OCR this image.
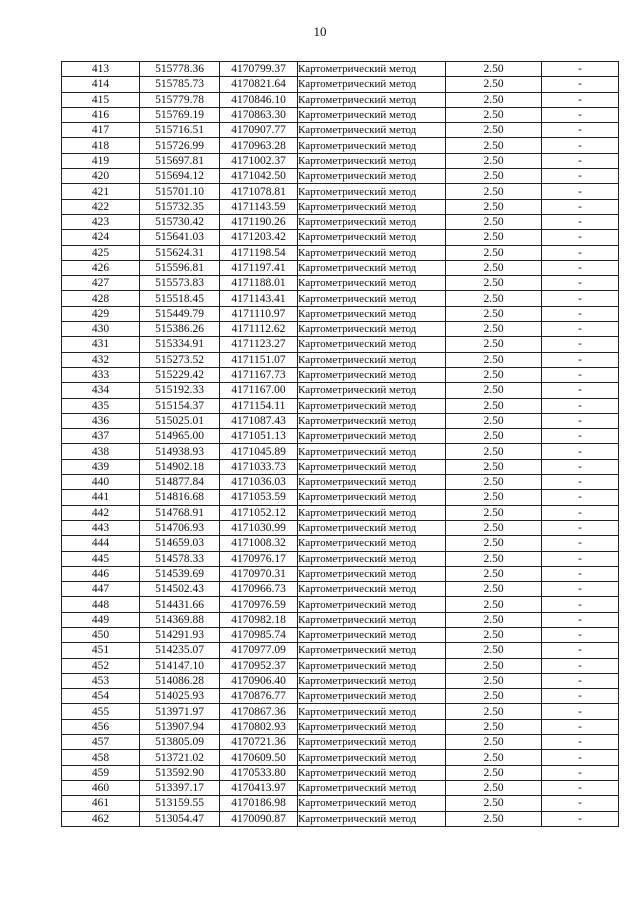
10
413	515778.36	4170799.37	Картометрический метод	2.50	-
414	515785.73	4170821.64	Картометрический метод	2.50	-
415	515779.78	4170846.10	Картометрический метод	2.50	-
416	515769.19	4170863.30	Картометрический метод	2.50	-
417	515716.51	4170907.77	Картометрический метод	2.50	-
418	515726.99	4170963.28	Картометрический метод	2.50	-
419	515697.81	4171002.37	Картометрический метод	2.50	-
420	515694.12	4171042.50	Картометрический метод	2.50	-
421	515701.10	4171078.81	Картометрический метод	2.50	-
422	515732.35	4171143.59	Картометрический метод	2.50	-
423	515730.42	4171190.26	Картометрический метод	2.50	-
424	515641.03	4171203.42	Картометрический метод	2.50	-
425	515624.31	4171198.54	Картометрический метод	2.50	-
426	515596.81	4171197.41	Картометрический метод	2.50	-
427	515573.83	4171188.01	Картометрический метод	2.50	-
428	515518.45	4171143.41	Картометрический метод	2.50	-
429	515449.79	4171110.97	Картометрический метод	2.50	-
430	515386.26	4171112.62	Картометрический метод	2.50	-
431	515334.91	4171123.27	Картометрический метод	2.50	-
432	515273.52	4171151.07	Картометрический метод	2.50	-
433	515229.42	4171167.73	Картометрический метод	2.50	-
434	515192.33	4171167.00	Картометрический метод	2.50	-
435	515154.37	4171154.11	Картометрический метод	2.50	-
436	515025.01	4171087.43	Картометрический метод	2.50	-
437	514965.00	4171051.13	Картометрический метод	2.50	-
438	514938.93	4171045.89	Картометрический метод	2.50	-
439	514902.18	4171033.73	Картометрический метод	2.50	-
440	514877.84	4171036.03	Картометрический метод	2.50	-
441	514816.68	4171053.59	Картометрический метод	2.50	-
442	514768.91	4171052.12	Картометрический метод	2.50	-
443	514706.93	4171030.99	Картометрический метод	2.50	-
444	514659.03	4171008.32	Картометрический метод	2.50	-
445	514578.33	4170976.17	Картометрический метод	2.50	-
446	514539.69	4170970.31	Картометрический метод	2.50	-
447	514502.43	4170966.73	Картометрический метод	2.50	-
448	514431.66	4170976.59	Картометрический метод	2.50	-
449	514369.88	4170982.18	Картометрический метод	2.50	-
450	514291.93	4170985.74	Картометрический метод	2.50	-
451	514235.07	4170977.09	Картометрический метод	2.50	-
452	514147.10	4170952.37	Картометрический метод	2.50	-
453	514086.28	4170906.40	Картометрический метод	2.50	-
454	514025.93	4170876.77	Картометрический метод	2.50	-
455	513971.97	4170867.36	Картометрический метод	2.50	-
456	513907.94	4170802.93	Картометрический метод	2.50	-
457	513805.09	4170721.36	Картометрический метод	2.50	-
458	513721.02	4170609.50	Картометрический метод	2.50	-
459	513592.90	4170533.80	Картометрический метод	2.50	-
460	513397.17	4170413.97	Картометрический метод	2.50	-
461	513159.55	4170186.98	Картометрический метод	2.50	-
462	513054.47	4170090.87	Картометрический метод	2.50	-
